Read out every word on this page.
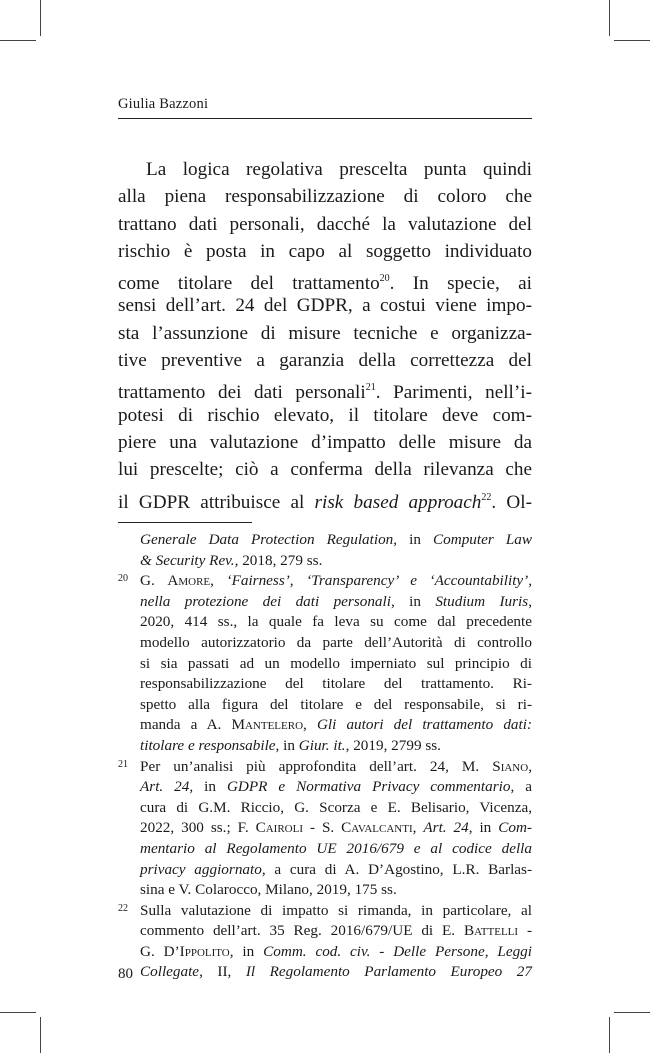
Giulia Bazzoni
La logica regolativa prescelta punta quindi
alla piena responsabilizzazione di coloro che
trattano dati personali, dacché la valutazione del
rischio è posta in capo al soggetto individuato
come titolare del trattamento$^{20}$. In specie, ai
sensi dell’art. 24 del GDPR, a costui viene impo-
sta l’assunzione di misure tecniche e organizza-
tive preventive a garanzia della correttezza del
trattamento dei dati personali$^{21}$. Parimenti, nell’i-
potesi di rischio elevato, il titolare deve com-
piere una valutazione d’impatto delle misure da
lui prescelte; ciò a conferma della rilevanza che
il GDPR attribuisce al risk based approach$^{22}$. Ol-
Generale Data Protection Regulation, in Computer Law
& Security Rev., 2018, 279 ss.
20 G. Amore, ‘Fairness’, ‘Transparency’ e ‘Accountability’,
nella protezione dei dati personali, in Studium Iuris,
2020, 414 ss., la quale fa leva su come dal precedente
modello autorizzatorio da parte dell’Autorità di controllo
si sia passati ad un modello imperniato sul principio di
responsabilizzazione del titolare del trattamento. Ri-
spetto alla figura del titolare e del responsabile, si ri-
manda a A. Mantelero, Gli autori del trattamento dati:
titolare e responsabile, in Giur. it., 2019, 2799 ss.
21 Per un’analisi più approfondita dell’art. 24, M. Siano,
Art. 24, in GDPR e Normativa Privacy commentario, a
cura di G.M. Riccio, G. Scorza e E. Belisario, Vicenza,
2022, 300 ss.; F. Cairoli - S. Cavalcanti, Art. 24, in Com-
mentario al Regolamento UE 2016/679 e al codice della
privacy aggiornato, a cura di A. D’Agostino, L.R. Barlas-
sina e V. Colarocco, Milano, 2019, 175 ss.
22 Sulla valutazione di impatto si rimanda, in particolare, al
commento dell’art. 35 Reg. 2016/679/UE di E. Battelli -
G. D’Ippolito, in Comm. cod. civ. - Delle Persone, Leggi
Collegate, II, Il Regolamento Parlamento Europeo 27
80
